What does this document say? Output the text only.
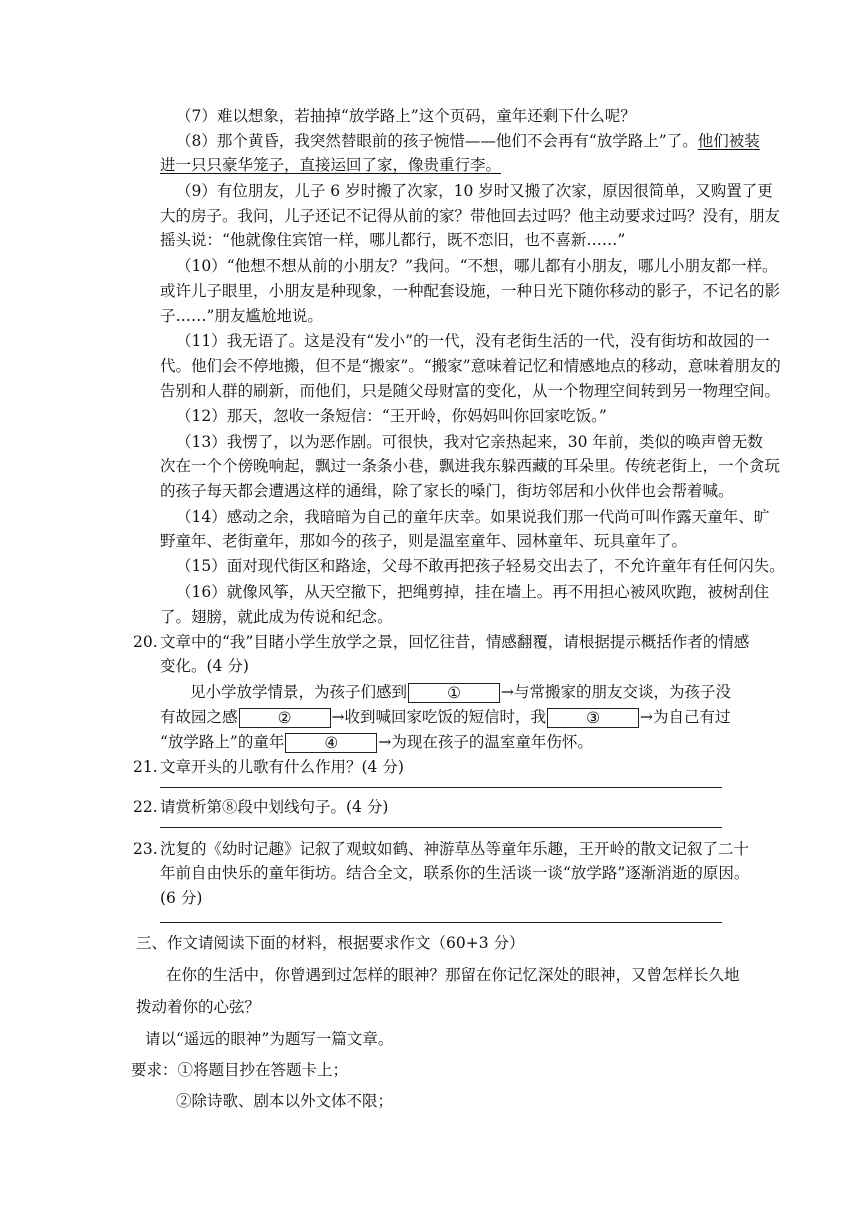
（7）难以想象，若抽掉“放学路上”这个页码，童年还剩下什么呢？
（8）那个黄昏，我突然替眼前的孩子惋惜——他们不会再有“放学路上”了。他们被装
进一只只豪华笼子，直接运回了家，像贵重行李。
（9）有位朋友，儿子 6 岁时搬了次家，10 岁时又搬了次家，原因很简单，又购置了更
大的房子。我问，儿子还记不记得从前的家？带他回去过吗？他主动要求过吗？没有，朋友
摇头说：“他就像住宾馆一样，哪儿都行，既不恋旧，也不喜新……”
（10）“他想不想从前的小朋友？”我问。“不想，哪儿都有小朋友，哪儿小朋友都一样。
或许儿子眼里，小朋友是种现象，一种配套设施，一种日光下随你移动的影子，不记名的影
子……”朋友尴尬地说。
（11）我无语了。这是没有“发小”的一代，没有老街生活的一代，没有街坊和故园的一
代。他们会不停地搬，但不是“搬家”。“搬家”意味着记忆和情感地点的移动，意味着朋友的
告别和人群的刷新，而他们，只是随父母财富的变化，从一个物理空间转到另一物理空间。
（12）那天，忽收一条短信：“王开岭，你妈妈叫你回家吃饭。”
（13）我愣了，以为恶作剧。可很快，我对它亲热起来，30 年前，类似的唤声曾无数
次在一个个傍晚响起，飘过一条条小巷，飘进我东躲西藏的耳朵里。传统老街上，一个贪玩
的孩子每天都会遭遇这样的通缉，除了家长的嗓门，街坊邻居和小伙伴也会帮着喊。
（14）感动之余，我暗暗为自己的童年庆幸。如果说我们那一代尚可叫作露天童年、旷
野童年、老街童年，那如今的孩子，则是温室童年、园林童年、玩具童年了。
（15）面对现代街区和路途，父母不敢再把孩子轻易交出去了，不允许童年有任何闪失。
（16）就像风筝，从天空撤下，把绳剪掉，挂在墙上。再不用担心被风吹跑，被树刮住
了。翅膀，就此成为传说和纪念。
20. 文章中的“我”目睹小学生放学之景，回忆往昔，情感翻覆，请根据提示概括作者的情感
变化。(4 分)
见小学放学情景，为孩子们感到	①	→与常搬家的朋友交谈，为孩子没
有故园之感	②	→收到喊回家吃饭的短信时，我	③	→为自己有过
“放学路上”的童年	④	→为现在孩子的温室童年伤怀。
21. 文章开头的儿歌有什么作用？(4 分)
22. 请赏析第⑧段中划线句子。(4 分)
23. 沈复的《幼时记趣》记叙了观蚊如鹤、神游草丛等童年乐趣，王开岭的散文记叙了二十
年前自由快乐的童年街坊。结合全文，联系你的生活谈一谈“放学路”逐渐消逝的原因。
(6 分)
三、作文请阅读下面的材料，根据要求作文（60+3 分）
在你的生活中，你曾遇到过怎样的眼神？那留在你记忆深处的眼神，又曾怎样长久地
拨动着你的心弦？
请以“遥远的眼神”为题写一篇文章。
要求：①将题目抄在答题卡上；
②除诗歌、剧本以外文体不限；
